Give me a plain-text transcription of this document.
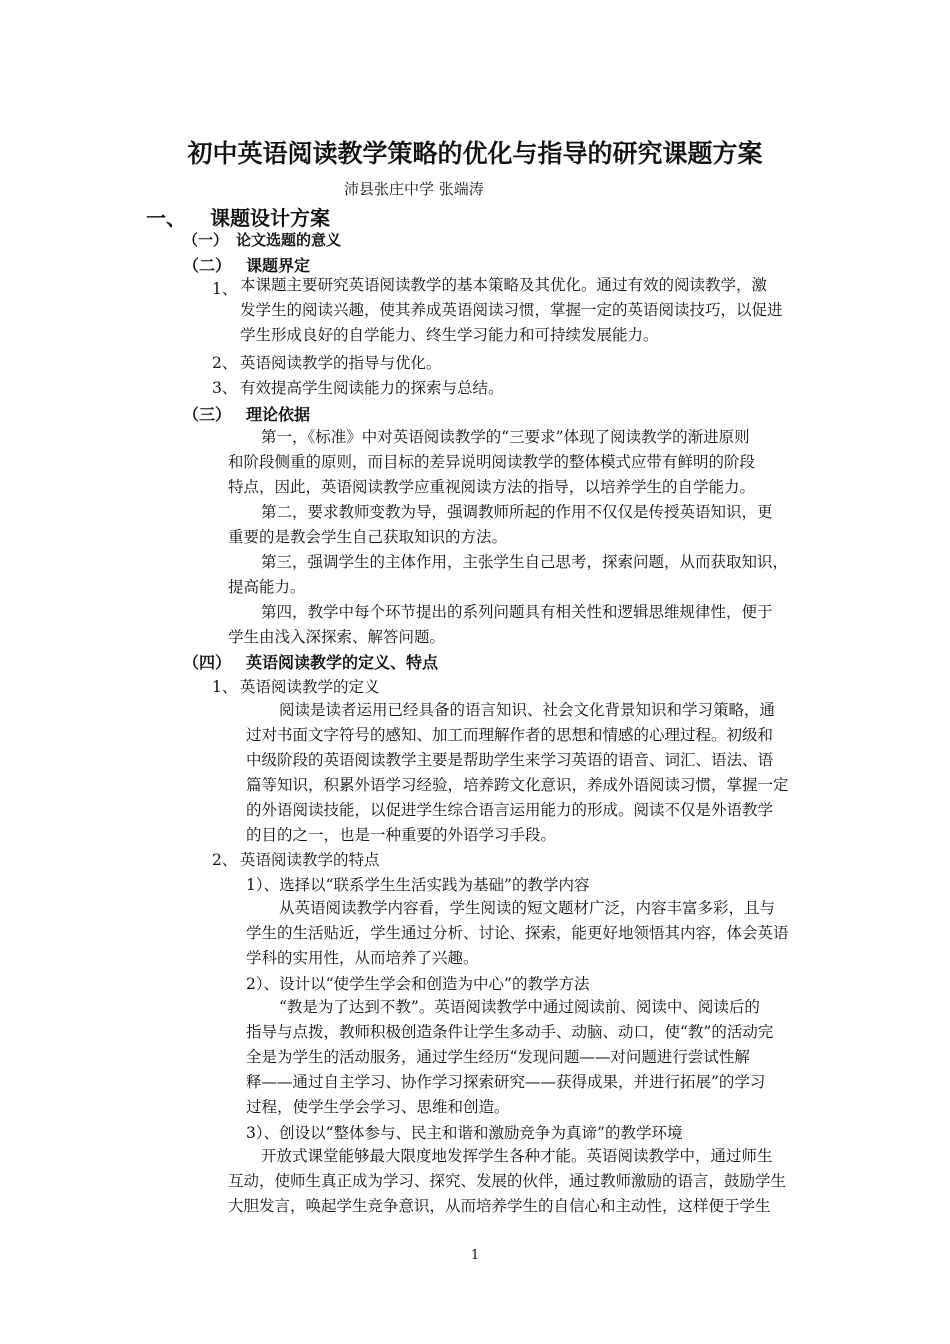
初中英语阅读教学策略的优化与指导的研究课题方案
沛县张庄中学 张端涛
一、 课题设计方案
（一） 论文选题的意义
（二） 课题界定
1、 本课题主要研究英语阅读教学的基本策略及其优化。通过有效的阅读教学，激
发学生的阅读兴趣，使其养成英语阅读习惯，掌握一定的英语阅读技巧，以促进
学生形成良好的自学能力、终生学习能力和可持续发展能力。
2、 英语阅读教学的指导与优化。
3、 有效提高学生阅读能力的探索与总结。
（三） 理论依据
第一，《标准》中对英语阅读教学的“三要求”体现了阅读教学的渐进原则
和阶段侧重的原则，而目标的差异说明阅读教学的整体模式应带有鲜明的阶段
特点，因此，英语阅读教学应重视阅读方法的指导，以培养学生的自学能力。
第二，要求教师变教为导，强调教师所起的作用不仅仅是传授英语知识，更
重要的是教会学生自己获取知识的方法。
第三，强调学生的主体作用，主张学生自己思考，探索问题，从而获取知识，
提高能力。
第四，教学中每个环节提出的系列问题具有相关性和逻辑思维规律性，便于
学生由浅入深探索、解答问题。
（四） 英语阅读教学的定义、特点
1、 英语阅读教学的定义
阅读是读者运用已经具备的语言知识、社会文化背景知识和学习策略，通
过对书面文字符号的感知、加工而理解作者的思想和情感的心理过程。初级和
中级阶段的英语阅读教学主要是帮助学生来学习英语的语音、词汇、语法、语
篇等知识，积累外语学习经验，培养跨文化意识，养成外语阅读习惯，掌握一定
的外语阅读技能，以促进学生综合语言运用能力的形成。阅读不仅是外语教学
的目的之一，也是一种重要的外语学习手段。
2、 英语阅读教学的特点
1）、选择以“联系学生生活实践为基础”的教学内容
从英语阅读教学内容看，学生阅读的短文题材广泛，内容丰富多彩，且与
学生的生活贴近，学生通过分析、讨论、探索，能更好地领悟其内容，体会英语
学科的实用性，从而培养了兴趣。
2）、设计以“使学生学会和创造为中心”的教学方法
“教是为了达到不教”。英语阅读教学中通过阅读前、阅读中、阅读后的
指导与点拨，教师积极创造条件让学生多动手、动脑、动口，使“教”的活动完
全是为学生的活动服务，通过学生经历“发现问题——对问题进行尝试性解
释——通过自主学习、协作学习探索研究——获得成果，并进行拓展”的学习
过程，使学生学会学习、思维和创造。
3）、创设以“整体参与、民主和谐和激励竞争为真谛”的教学环境
开放式课堂能够最大限度地发挥学生各种才能。英语阅读教学中，通过师生
互动，使师生真正成为学习、探究、发展的伙伴，通过教师激励的语言，鼓励学生
大胆发言，唤起学生竞争意识，从而培养学生的自信心和主动性，这样便于学生
1
